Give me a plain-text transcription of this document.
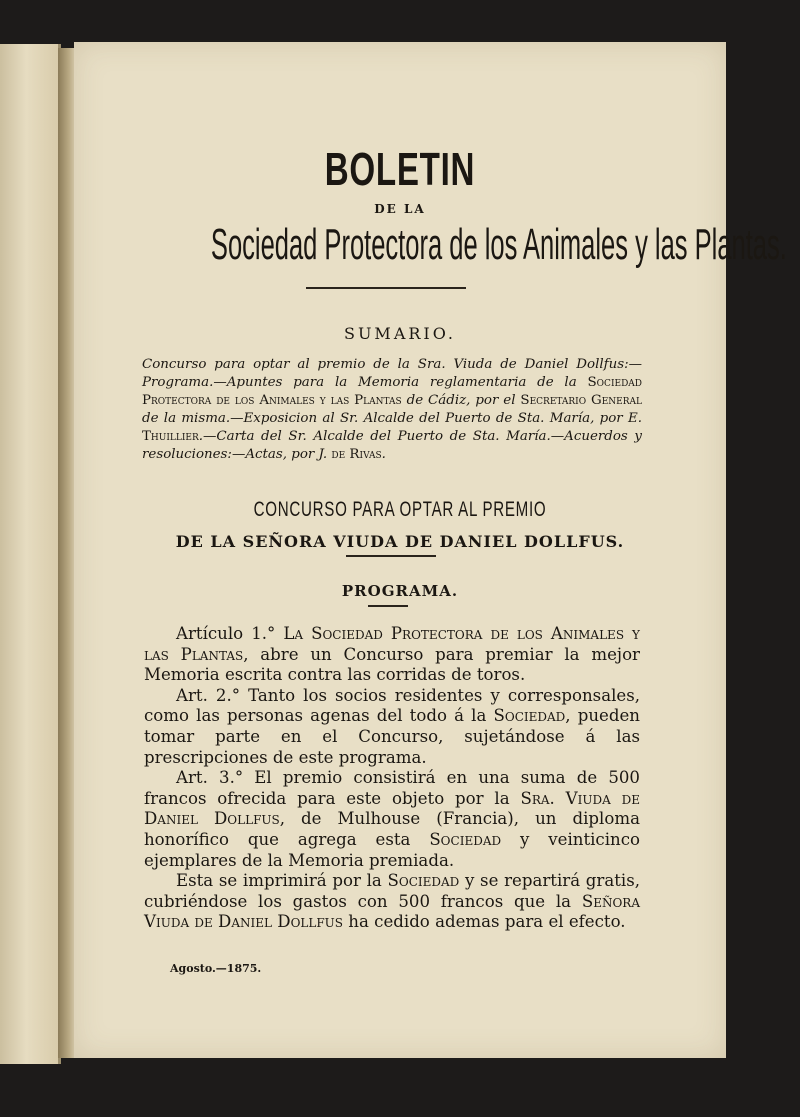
BOLETIN
DE LA
Sociedad Protectora de los Animales y las Plantas.
SUMARIO.
Concurso para optar al premio de la Sra. Viuda de Daniel Dollfus:—Programa.—Apuntes para la Memoria reglamentaria de la Sociedad Protectora de los Animales y las Plantas de Cádiz, por el Secretario General de la misma.—Exposicion al Sr. Alcalde del Puerto de Sta. María, por E. Thuillier.—Carta del Sr. Alcalde del Puerto de Sta. María.—Acuerdos y resoluciones:—Actas, por J. de Rivas.
CONCURSO PARA OPTAR AL PREMIO
DE LA SEÑORA VIUDA DE DANIEL DOLLFUS.
PROGRAMA.

Artículo 1.° La Sociedad Protectora de los Animales y las Plantas, abre un Concurso para premiar la mejor Memoria escrita contra las corridas de toros.

Art. 2.° Tanto los socios residentes y corresponsales, como las personas agenas del todo á la Sociedad, pueden tomar parte en el Concurso, sujetándose á las prescripciones de este programa.

Art. 3.° El premio consistirá en una suma de 500 francos ofrecida para este objeto por la Sra. Viuda de Daniel Dollfus, de Mulhouse (Francia), un diploma honorífico que agrega esta Sociedad y veinticinco ejemplares de la Memoria premiada.

Esta se imprimirá por la Sociedad y se repartirá gratis, cubriéndose los gastos con 500 francos que la Señora Viuda de Daniel Dollfus ha cedido ademas para el efecto.

Agosto.—1875.
